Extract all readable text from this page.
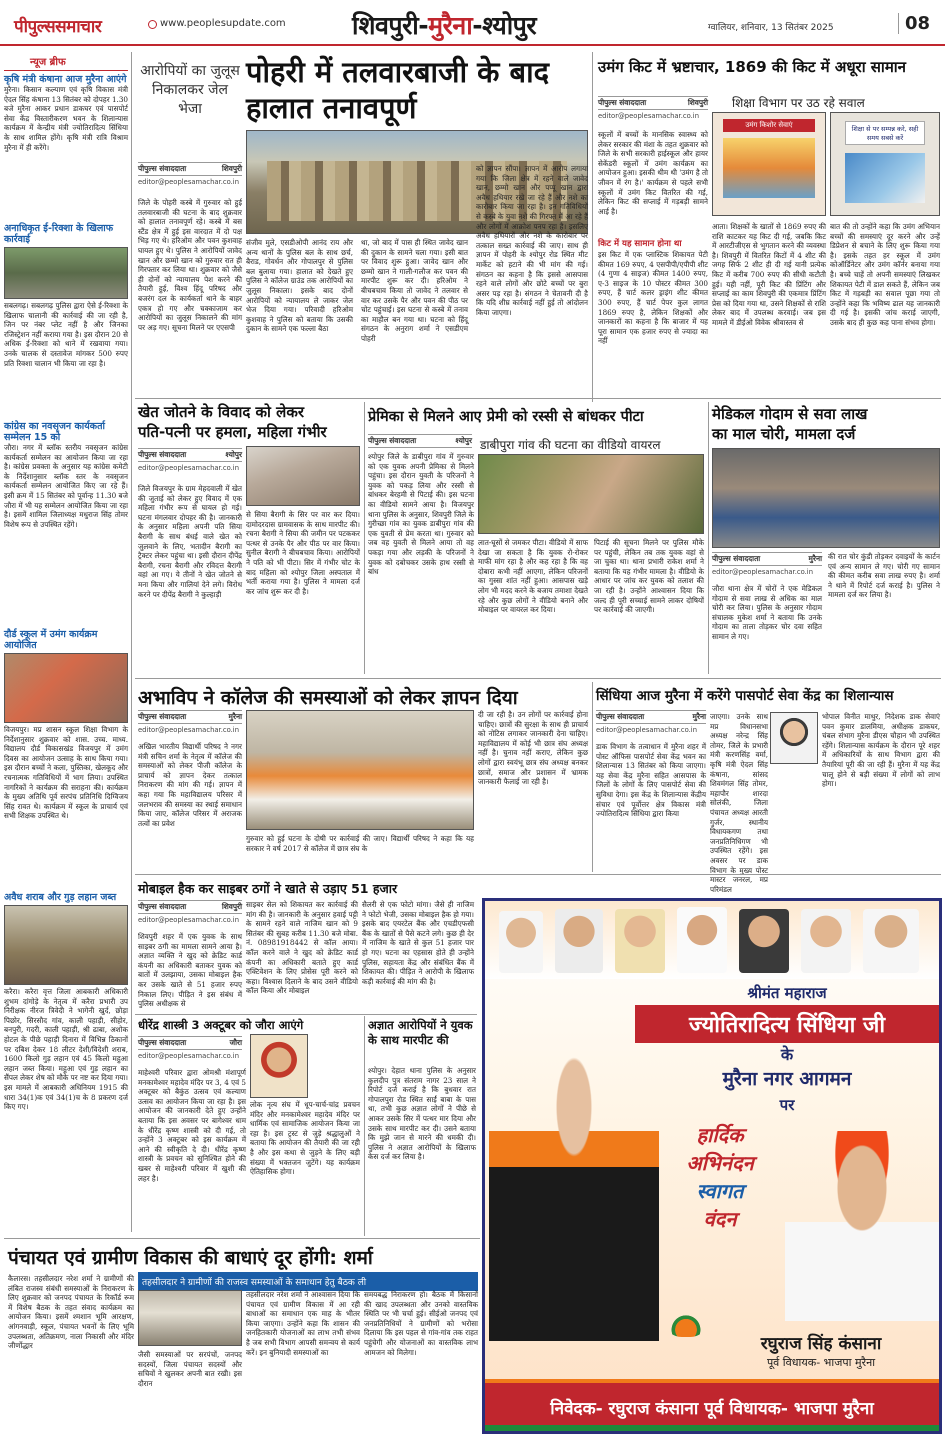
पीपुल्ससमाचार	www.peoplesupdate.com	शिवपुरी-मुरैना-श्योपुर	ग्वालियर, शनिवार, 13 सितंबर 2025	08
न्यूज ब्रीफ
कृषि मंत्री कंषाना आज मुरैना आएंगे

मुरैना। किसान कल्याण एवं कृषि विकास मंत्री ऐदल सिंह कंषाना 13 सितंबर को दोपहर 1.30 बजे मुरैना आकर प्रधान डाकघर एवं पासपोर्ट सेवा केंद्र विस्तारीकरण भवन के शिलान्यास कार्यक्रम में केन्द्रीय मंत्री ज्योतिरादित्य सिंधिया के साथ शामिल होंगे। कृषि मंत्री रात्रि विश्राम मुरैना में ही करेंगे।

अनाधिकृत ई-रिक्शा के खिलाफ कार्रवाई

सबलगढ़। सबलगढ़ पुलिस द्वारा ऐसे ई-रिक्शा के खिलाफ चालानी की कार्रवाई की जा रही है, जिन पर नंबर प्लेट नहीं है और जिनका रजिस्ट्रेशन नहीं कराया गया है। इस दौरान 20 से अधिक ई-रिक्शा को थाने में रखवाया गया। उनके चालक से दस्तावेज मांगकर 500 रुपए प्रति रिक्शा चालान भी किया जा रहा है।

कांग्रेस का नवसृजन कार्यकर्ता सम्मेलन 15 को

जौरा। नगर में ब्लॉक स्तरीय नवसृजन कांग्रेस कार्यकर्ता सम्मेलन का आयोजन किया जा रहा है। कांग्रेस प्रवक्ता के अनुसार यह कांग्रेस कमेटी के निर्देशानुसार ब्लॉक स्तर के नवसृजन कार्यकर्ता सम्मेलन आयोजित किए जा रहे हैं। इसी क्रम में 15 सितंबर को पूर्वान्ह 11.30 बजे जौरा में भी यह सम्मेलन आयोजित किया जा रहा है। इसमें शामिल जिलाध्यक्ष मधुराज सिंह तोमर विशेष रूप से उपस्थित रहेंगे।

दौर्ड स्कूल में उमंग कार्यक्रम आयोजित

विजयपुर। मप्र शासन स्कूल शिक्षा विभाग के निर्देशानुसार शुक्रवार को शास. उच्च. माध्य. विद्यालय दौर्ड विकासखंड विजयपुर में उमंग दिवस का आयोजन उत्साह के साथ किया गया। इस दौरान बच्चों ने कला, पुस्तिका, खेलकूद और रचनात्मक गतिविधियों में भाग लिया। उपस्थित नागरिकों ने कार्यक्रम की सराहना की। कार्यक्रम के मुख्य अतिथि पूर्व सरपंच प्रतिनिधि दिग्विजय सिंह रावत थे। कार्यक्रम में स्कूल के प्राचार्य एवं सभी शिक्षक उपस्थित थे।

अवैध शराब और गुड़ लहान जब्त

करैरा। करैरा वृत्त जिला आबकारी अधिकारी शुभम दांगोड़े के नेतृत्व में करैरा प्रभारी उप निरीक्षक नीरज त्रिवेदी ने भागेनी खुर्द, छोड़ा पिछोर, सिरसौद गांव, काली पहाड़ी, सीहोर, बनपुरी, गदरी, काली पहाड़ी, श्री ढाबा, अशोक होटल के पीछे पहाड़ी दिनारा में विभिन्न ठिकानों पर दबिश देकर 18 लीटर देशी/विदेशी शराब, 1600 किलो गुड़ लहान एवं 45 किलो महुआ लहान जब्त किया। महुआ एवं गुड़ लहान का सैंपल लेकर शेष को मौके पर नष्ट कर दिया गया। इस मामले में आबकारी अधिनियम 1915 की धारा 34(1)क एवं 34(1)च के 8 प्रकरण दर्ज किए गए।

आरोपियों का जुलूस निकालकर जेल भेजा
पोहरी में तलवारबाजी के बाद हालात तनावपूर्ण
पीपुल्स संवाददाता	शिवपुरी
editor@peoplesamachar.co.in

जिले के पोहरी कस्बे में गुरुवार को हुई तलवारबाजी की घटना के बाद शुक्रवार को हालात तनावपूर्ण रहे। कस्बे में बस स्टैंड क्षेत्र में हुई इस वारदात में दो पक्ष भिड़ गए थे। हरिओम और पवन कुशवाह घायल हुए थे। पुलिस ने आरोपियों जावेद खान और छम्मो खान को गुरुवार रात ही गिरफ्तार कर लिया था। शुक्रवार को जैसे ही दोनों को न्यायालय पेश करने की तैयारी हुई, विश्व हिंदू परिषद और बजरंग दल के कार्यकर्ता थाने के बाहर एकत्र हो गए और चक्काजाम कर आरोपियों का जुलूस निकालने की मांग पर अड़ गए। सूचना मिलने पर एएसपी

संजीव मुले, एसडीओपी आनंद राय और अन्य थानों के पुलिस बल के साथ छर्च, बैराड, गोवर्धन और गोपालपुर से पुलिस बल बुलाया गया। हालात को देखते हुए पुलिस ने कॉलेज ग्राउंड तक आरोपियों का जुलूस निकाला। इसके बाद दोनों आरोपियों को न्यायालय ले जाकर जेल भेज दिया गया। परिवादी हरिओम कुशवाह ने पुलिस को बताया कि उसकी दुकान के सामने एक फल्ला बैठा

था, जो बाद में पास ही स्थित जावेद खान की दुकान के सामने चला गया। इसी बात पर विवाद शुरू हुआ। जावेद खान और छम्मो खान ने गाली-गलौज कर पवन की मारपीट शुरू कर दी। हरिओम ने बीचबचाव किया तो जावेद ने तलवार से वार कर उसके पैर और पवन की पीठ पर चोट पहुंचाई। इस घटना से कस्बे में तनाव का माहौल बन गया था। घटना को हिंदू संगठन के अनुराग शर्मा ने एसडीएम पोहरी

को ज्ञापन सौंपा। ज्ञापन में आरोप लगाया गया कि जिला क्षेत्र में रहने वाले जावेद खान, छम्मो खान और पप्पू खान द्वारा अवैध हथियार रखे जा रहे हैं और नशे का कारोबार किया जा रहा है। इन गतिविधियों से कस्बे के युवा नशे की गिरफ्त में आ रहे हैं और लोगों में आक्रोश पनप रहा है। इसलिए अवैध हथियारों और नशे के कारोबार पर तत्काल सख्त कार्रवाई की जाए। साथ ही ज्ञापन में पोहरी के श्योपुर रोड स्थित मीट मार्केट को हटाने की भी मांग की गई। संगठन का कहना है कि इससे आसपास रहने वाले लोगों और छोटे बच्चों पर बुरा असर पड़ रहा है। संगठन ने चेतावनी दी है कि यदि शीघ्र कार्रवाई नहीं हुई तो आंदोलन किया जाएगा।

उमंग किट में भ्रष्टाचार, 1869 की किट में अधूरा सामान
शिक्षा विभाग पर उठ रहे सवाल
पीपुल्स संवाददाता	शिवपुरी
editor@peoplesamachar.co.in
उमंग किशोर सेवाएं	शिक्षा से पर सम्पन्न करे, सही समय सबसे करें

स्कूलों में बच्चों के मानसिक स्वास्थ्य को लेकर सरकार की मंशा के तहत शुक्रवार को जिले के सभी सरकारी हाईस्कूल और हायर सेकेंडरी स्कूलों में उमंग कार्यक्रम का आयोजन हुआ। इसकी थीम थी 'उमंग है तो जीवन में रंग है।' कार्यक्रम से पहले सभी स्कूलों में उमंग किट वितरित की गई, लेकिन किट की सप्लाई में गड़बड़ी सामने आई है।

किट में यह सामान होना था

इस किट में एक प्लास्टिक शिकायत पेटी कीमत 169 रुपए, 4 एसपीपी/एपीपी शीट (4 गुणा 4 साइज) कीमत 1400 रुपए, ए-3 साइज के 10 पोस्टर कीमत 300 रुपए, हैं चार्ट कलर ड्राइंग शीट कीमत 300 रुपए, हैं चार्ट पेपर कुल लागत 1869 रुपए है, लेकिन शिक्षकों और जानकारों का कहना है कि बाजार में यह पूरा सामान एक हजार रुपए से ज्यादा का नहीं

आता। शिक्षकों के खातों से 1869 रुपए की राशि काटकर यह किट दी गई, जबकि किट में आरटीजीएस से भुगतान करने की व्यवस्था है। शिवपुरी में वितरित किटों में 4 शीट की जगह सिर्फ 2 शीट ही दी गई यानी प्रत्येक किट में करीब 700 रुपए की सीधी कटौती हुई। यही नहीं, पूरी किट की प्रिंटिंग और सप्लाई का काम शिवपुरी की एकमात्र प्रिंटिंग प्रेस को दिया गया था, उसने शिक्षकों से राशि लेकर बाद में उपलब्ध करवाई। जब इस मामले में डीईओ विवेक श्रीवास्तव से

बात की तो उन्होंने कहा कि उमंग अभियान बच्चों की समस्याएं दूर करने और उन्हें डिप्रेशन से बचाने के लिए शुरू किया गया है। इसके तहत हर स्कूल में उमंग कोऑर्डिनेटर और उमंग कॉर्नर बनाया गया है। बच्चे चाहें तो अपनी समस्याएं लिखकर शिकायत पेटी में डाल सकते हैं, लेकिन जब किट में गड़बड़ी का सवाल पूछा गया तो उन्होंने कहा कि भविष्य ढाल यह जानकारी दी गई है। इसकी जांच कराई जाएगी, उसके बाद ही कुछ कह पाना संभव होगा।

खेत जोतने के विवाद को लेकर
पति-पत्नी पर हमला, महिला गंभीर
पीपुल्स संवाददाता	श्योपुर
editor@peoplesamachar.co.in

जिले विजयपुर के ग्राम मेहदवाली में खेत की जुताई को लेकर हुए विवाद में एक महिला गंभीर रूप से घायल हो गई। घटना मंगलवार दोपहर की है। जानकारी के अनुसार महिला अपनी पति सिया बैरागी के साथ बंधई वाले खेत को जुलवाने के लिए, भतादीन बैरागी का ट्रैक्टर लेकर पहुंचा था। इसी दौरान दीपेंद्र बैरागी, रचना बैरागी और रविदत्त बैरागी वहां आ गए। ये तीनों ने खेत जोतने से मना किया और गालियां देने लगे। विरोध करने पर दीपेंद्र बैरागी ने कुल्हाड़ी

से सिया बैरागी के सिर पर वार कर दिया। दामोदरदास ग्रामवासक के साथ मारपीट की। रचना बैरागी ने सिया की जमीन पर पटककर पत्थर से उनके पैर और पीठ पर वार किया। सुनील बैरागी ने बीचबचाव किया। आरोपियों ने पति को भी पीटा। सिर में गंभीर चोट के बाद महिला को श्योपुर जिला अस्पताल में भर्ती कराया गया है। पुलिस ने मामला दर्ज कर जांच शुरू कर दी है।

प्रेमिका से मिलने आए प्रेमी को रस्सी से बांधकर पीटा
पीपुल्स संवाददाता	श्योपुर डाबीपुरा गांव की घटना का वीडियो वायरल

श्योपुर जिले के डाबीपुरा गांव में गुरुवार को एक युवक अपनी प्रेमिका से मिलने पहुंचा। इस दौरान युवती के परिजनों ने युवक को पकड़ लिया और रस्सी से बांधकर बेरहमी से पिटाई की। इस घटना का वीडियो सामने आया है। विजयपुर थाना पुलिस के अनुसार, शिवपुरी जिले के गुरीच्छा गांव का युवक डाबीपुरा गांव की एक युवती से प्रेम करता था। गुरुवार को जब वह युवती से मिलने आया तो वह पकड़ा गया और लड़की के परिजनों ने युवक को दबोचकर उसके हाथ रस्सी से बांध

लात-घूसों से जमकर पीटा। वीडियो में साफ देखा जा सकता है कि युवक रो-रोकर माफी मांग रहा है और कह रहा है कि वह दोबारा कभी नहीं आएगा, लेकिन परिजनों का गुस्सा शांत नहीं हुआ। आसपास खड़े लोग भी मदद करने के बजाय तमाशा देखते रहे और कुछ लोगों ने वीडियो बनाने और मोबाइल पर वायरल कर दिया।

पिटाई की सूचना मिलने पर पुलिस मौके पर पहुंची, लेकिन तब तक युवक वहां से जा चुका था। थाना प्रभारी राकेश शर्मा ने बताया कि यह गंभीर मामला है। वीडियो के आधार पर जांच कर युवक को तलाश की जा रही है। उन्होंने आश्वासन दिया कि जल्द ही पूरी सच्चाई सामने लाकर दोषियों पर कार्रवाई की जाएगी।

मेडिकल गोदाम से सवा लाख
का माल चोरी, मामला दर्ज
पीपुल्स संवाददाता	मुरैना
editor@peoplesamachar.co.in

जौरा थाना क्षेत्र में चोरों ने एक मेडिकल गोदाम से सवा लाख से अधिक का माल चोरी कर लिया। पुलिस के अनुसार गोदाम संचालक मुकेश शर्मा ने बताया कि उनके गोदाम का ताला तोड़कर चोर दवा सहित सामान ले गए।

की रात चोर कुंडी तोड़कर दवाइयों के कार्टन एवं अन्य सामान ले गए। चोरी गए सामान की कीमत करीब सवा लाख रुपए है। शर्मा ने थाने में रिपोर्ट दर्ज कराई है। पुलिस ने मामला दर्ज कर लिया है।

अभाविप ने कॉलेज की समस्याओं को लेकर ज्ञापन दिया
पीपुल्स संवाददाता	मुरैना
editor@peoplesamachar.co.in

अखिल भारतीय विद्यार्थी परिषद ने नगर मंत्री सचिन शर्मा के नेतृत्व में कॉलेज की समस्याओं को लेकर पीजी कॉलेज के प्राचार्य को ज्ञापन देकर तत्काल निराकरण की मांग की गई। ज्ञापन में कहा गया कि महाविद्यालय परिसर में जलभराव की समस्या का स्थाई समाधान किया जाए, कॉलेज परिसर में अराजक तत्वों का प्रवेश

गुरुवार को हुई घटना के दोषी पर कार्रवाई की जाए। विद्यार्थी परिषद ने कहा कि यह सरकार ने वर्ष 2017 से कॉलेज में छात्र संघ के

दी जा रही है। उन लोगों पर कार्रवाई होना चाहिए। छात्रों की सुरक्षा के साथ ही प्राचार्य को नोटिस लगाकर जानकारी देना चाहिए। महाविद्यालय में कोई भी छात्र संघ अध्यक्ष नहीं है। चुनाव नहीं कराए, लेकिन कुछ लोगों द्वारा स्वयंभू छात्र संघ अध्यक्ष बनकर छात्रों, समाज और प्रशासन में भ्रामक जानकारी फैलाई जा रही है।

सिंधिया आज मुरैना में करेंगे पासपोर्ट सेवा केंद्र का शिलान्यास
पीपुल्स संवाददाता	मुरैना
editor@peoplesamachar.co.in

डाक विभाग के तत्वाधान में मुरैना शहर में पोस्ट ऑफिस पासपोर्ट सेवा केंद्र भवन का शिलान्यास 13 सितंबर को किया जाएगा। यह सेवा केंद्र मुरैना सहित आसपास के जिलों के लोगों के लिए पासपोर्ट सेवा की सुविधा देगा। इस केंद्र के शिलान्यास केंद्रीय संचार एवं पूर्वोत्तर क्षेत्र विकास मंत्री ज्योतिरादित्य सिंधिया द्वारा किया

जाएगा। उनके साथ मप्र विधानसभा अध्यक्ष नरेन्द्र सिंह तोमर, जिले के प्रभारी मंत्री करणसिंह वर्मा, कृषि मंत्री ऐदल सिंह कंषाना, सांसद शिवमंगल सिंह तोमर, महापौर शारदा सोलंकी, जिला पंचायत अध्यक्ष आरती गुर्जर, स्थानीय विधायकगण तथा जनप्रतिनिधिगण भी उपस्थित रहेंगे। इस अवसर पर डाक विभाग के मुख्य पोस्ट मास्टर जनरल, मप्र परिमंडल

भोपाल विनीत माथुर, निदेशक डाक सेवाएं पवन कुमार डालमिया, अधीक्षक डाकघर, चंबल संभाग मुरैना डीएस चौहान भी उपस्थित रहेंगे। शिलान्यास कार्यक्रम के दौरान पूरे शहर में अधिकारियों के साथ विभाग द्वारा की तैयारियां पूरी की जा रही हैं। मुरैना में यह केंद्र चालू होने से बड़ी संख्या में लोगों को लाभ होगा।

मोबाइल हैक कर साइबर ठगों ने खाते से उड़ाए 51 हजार
पीपुल्स संवाददाता	शिवपुरी
editor@peoplesamachar.co.in

शिवपुरी शहर में एक युवक के साथ साइबर ठगी का मामला सामने आया है। अज्ञात व्यक्ति ने खुद को क्रेडिट कार्ड कंपनी का अधिकारी बताकर युवक को बातों में उलझाया, उसका मोबाइल हैक कर उसके खाते से 51 हजार रुपए निकाल लिए। पीड़ित ने इस संबंध में पुलिस अधीक्षक से

साइबर सेल को शिकायत कर कार्रवाई की मांग की है। जानकारी के अनुसार हवाई पट्टी के सामने रहने वाले नाजिम खान को 9 सितंबर की सुबह करीब 11.30 बजे मोबा. नं. 08981918442 से कॉल आया। कॉल करने वाले ने खुद को क्रेडिट कार्ड कंपनी का अधिकारी बताते हुए कार्ड एक्टिवेशन के लिए प्रोसेस पूरी करने को कहा। विश्वास दिलाने के बाद उसने वीडियो कॉल किया और मोबाइल

सैलरी से एक फोटो मांगा। जैसे ही नाजिम ने फोटो भेजी, उसका मोबाइल हैक हो गया। इसके बाद एयरटेल बैंक और एचडीएफसी बैंक के खातों से पैसे कटने लगे। कुछ ही देर में नाजिम के खाते से कुल 51 हजार पार हो गए। घटना का एहसास होते ही उन्होंने पुलिस, सहायता केंद्र और संबंधित बैंक में शिकायत की। पीड़ित ने आरोपी के खिलाफ कड़ी कार्रवाई की मांग की है।

धीरेंद्र शास्त्री 3 अक्टूबर को जौरा आएंगे
पीपुल्स संवाददाता	जौरा
editor@peoplesamachar.co.in

माहेश्वरी परिवार द्वारा ओमश्री मंशापूर्ण मनकामेश्वर महादेव मंदिर पर 3, 4 एवं 5 अक्टूबर को बैकुंठ उत्सव एवं कल्याण उत्सव का आयोजन किया जा रहा है। इस आयोजन की जानकारी देते हुए उन्होंने बताया कि इस अवसर पर बागेश्वर धाम के धीरेंद्र कृष्ण शास्त्री को दी गई, तो उन्होंने 3 अक्टूबर को इस कार्यक्रम में आने की स्वीकृति दे दी। धीरेंद्र कृष्ण शास्त्री के प्रवचन को सुनिश्चित होने की खबर से माहेश्वरी परिवार में खुशी की लहर है।

लोक नृत्य संघ में धूप-चार्च-चांद्र प्रवचन मंदिर और मनकामेश्वर महादेव मंदिर पर धार्मिक एवं सामाजिक आयोजन किया जा रहा है। इस ट्रस्ट से जुड़े श्रद्धालुओं ने बताया कि आयोजन की तैयारी की जा रही है और इस कथा से जुड़ने के लिए बड़ी संख्या में भक्तजन जुटेंगे। यह कार्यक्रम ऐतिहासिक होगा।

अज्ञात आरोपियों ने युवक के साथ मारपीट की

श्योपुर। देहात थाना पुलिस के अनुसार कुलदीप पुत्र संतराम नागर 23 साल ने रिपोर्ट दर्ज कराई है कि बुधवार रात गोपालपुरा रोड स्थित साईं बाबा के पास था, तभी कुछ अज्ञात लोगों ने पीछे से आकर उसके सिर में पत्थर मार दिया और उसके साथ मारपीट कर दी। उसने बताया कि मुझे जान से मारने की धमकी दी। पुलिस ने अज्ञात आरोपियों के खिलाफ केस दर्ज कर लिया है।

श्रीमंत महाराज
ज्योतिरादित्य सिंधिया जी
के
मुरैना नगर आगमन
पर
हार्दिक
अभिनंदन
स्वागत
वंदन
रघुराज सिंह कंसाना
पूर्व विधायक- भाजपा मुरैना
निवेदक- रघुराज कंसाना पूर्व विधायक- भाजपा मुरैना
पंचायत एवं ग्रामीण विकास की बाधाएं दूर होंगी: शर्मा
तहसीलदार ने ग्रामीणों की राजस्व समस्याओं के समाधान हेतु बैठक ली

कैलारस। तहसीलदार नरेश शर्मा ने ग्रामीणों की लंबित राजस्व संबंधी समस्याओं के निराकरण के लिए शुक्रवार को जनपद पंचायत के रिकॉर्ड रूम में विशेष बैठक के तहत संवाद कार्यक्रम का आयोजन किया। इसमें श्मशान भूमि आरक्षण, आंगनवाड़ी, स्कूल, पंचायत भवनों के लिए भूमि उपलब्धता, अतिक्रमण, नाला निकासी और मंदिर जीर्णोद्धार

जैसी समस्याओं पर सरपंचों, जनपद सदस्यों, जिला पंचायत सदस्यों और सचिवों ने खुलकर अपनी बात रखी। इस दौरान

तहसीलदार नरेश शर्मा ने आश्वासन दिया कि पंचायत एवं ग्रामीण विकास में आ रही बाधाओं का समाधान एक माह के भीतर किया जाएगा। उन्होंने कहा कि शासन की जनहितकारी योजनाओं का लाभ तभी संभव है जब सभी विभाग आपसी समन्वय से कार्य करें। इन बुनियादी समस्याओं का

समयबद्ध निराकरण हो। बैठक में किसानों की खाद उपलब्धता और उनको वास्तविक स्थिति पर भी चर्चा हुई। सीईओ जनपद एवं जनप्रतिनिधियों ने ग्रामीणों को भरोसा दिलाया कि इस पहल से गांव-गांव तक राहत पहुंचेगी और योजनाओं का वास्तविक लाभ आमजन को मिलेगा।
